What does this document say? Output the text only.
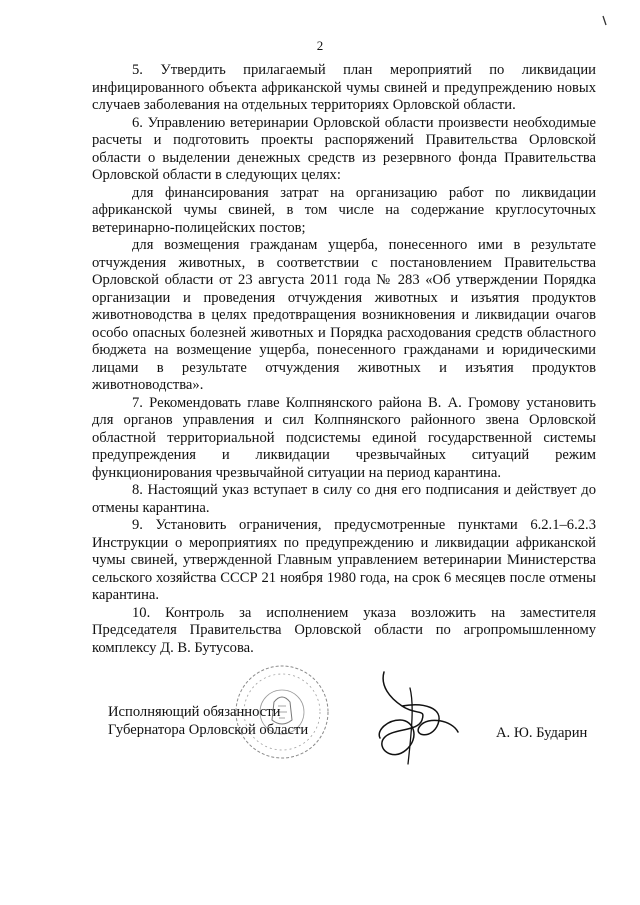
2

5. Утвердить прилагаемый план мероприятий по ликвидации инфицированного объекта африканской чумы свиней и предупреждению новых случаев заболевания на отдельных территориях Орловской области.

6. Управлению ветеринарии Орловской области произвести необходимые расчеты и подготовить проекты распоряжений Правительства Орловской области о выделении денежных средств из резервного фонда Правительства Орловской области в следующих целях:

для финансирования затрат на организацию работ по ликвидации африканской чумы свиней, в том числе на содержание круглосуточных ветеринарно-полицейских постов;

для возмещения гражданам ущерба, понесенного ими в результате отчуждения животных, в соответствии с постановлением Правительства Орловской области от 23 августа 2011 года № 283 «Об утверждении Порядка организации и проведения отчуждения животных и изъятия продуктов животноводства в целях предотвращения возникновения и ликвидации очагов особо опасных болезней животных и Порядка расходования средств областного бюджета на возмещение ущерба, понесенного гражданами и юридическими лицами в результате отчуждения животных и изъятия продуктов животноводства».

7. Рекомендовать главе Колпнянского района В. А. Громову установить для органов управления и сил Колпнянского районного звена Орловской областной территориальной подсистемы единой государственной системы предупреждения и ликвидации чрезвычайных ситуаций режим функционирования чрезвычайной ситуации на период карантина.

8. Настоящий указ вступает в силу со дня его подписания и действует до отмены карантина.

9. Установить ограничения, предусмотренные пунктами 6.2.1–6.2.3 Инструкции о мероприятиях по предупреждению и ликвидации африканской чумы свиней, утвержденной Главным управлением ветеринарии Министерства сельского хозяйства СССР 21 ноября 1980 года, на срок 6 месяцев после отмены карантина.

10. Контроль за исполнением указа возложить на заместителя Председателя Правительства Орловской области по агропромышленному комплексу Д. В. Бутусова.

Исполняющий обязанности
Губернатора Орловской области	А. Ю. Бударин
